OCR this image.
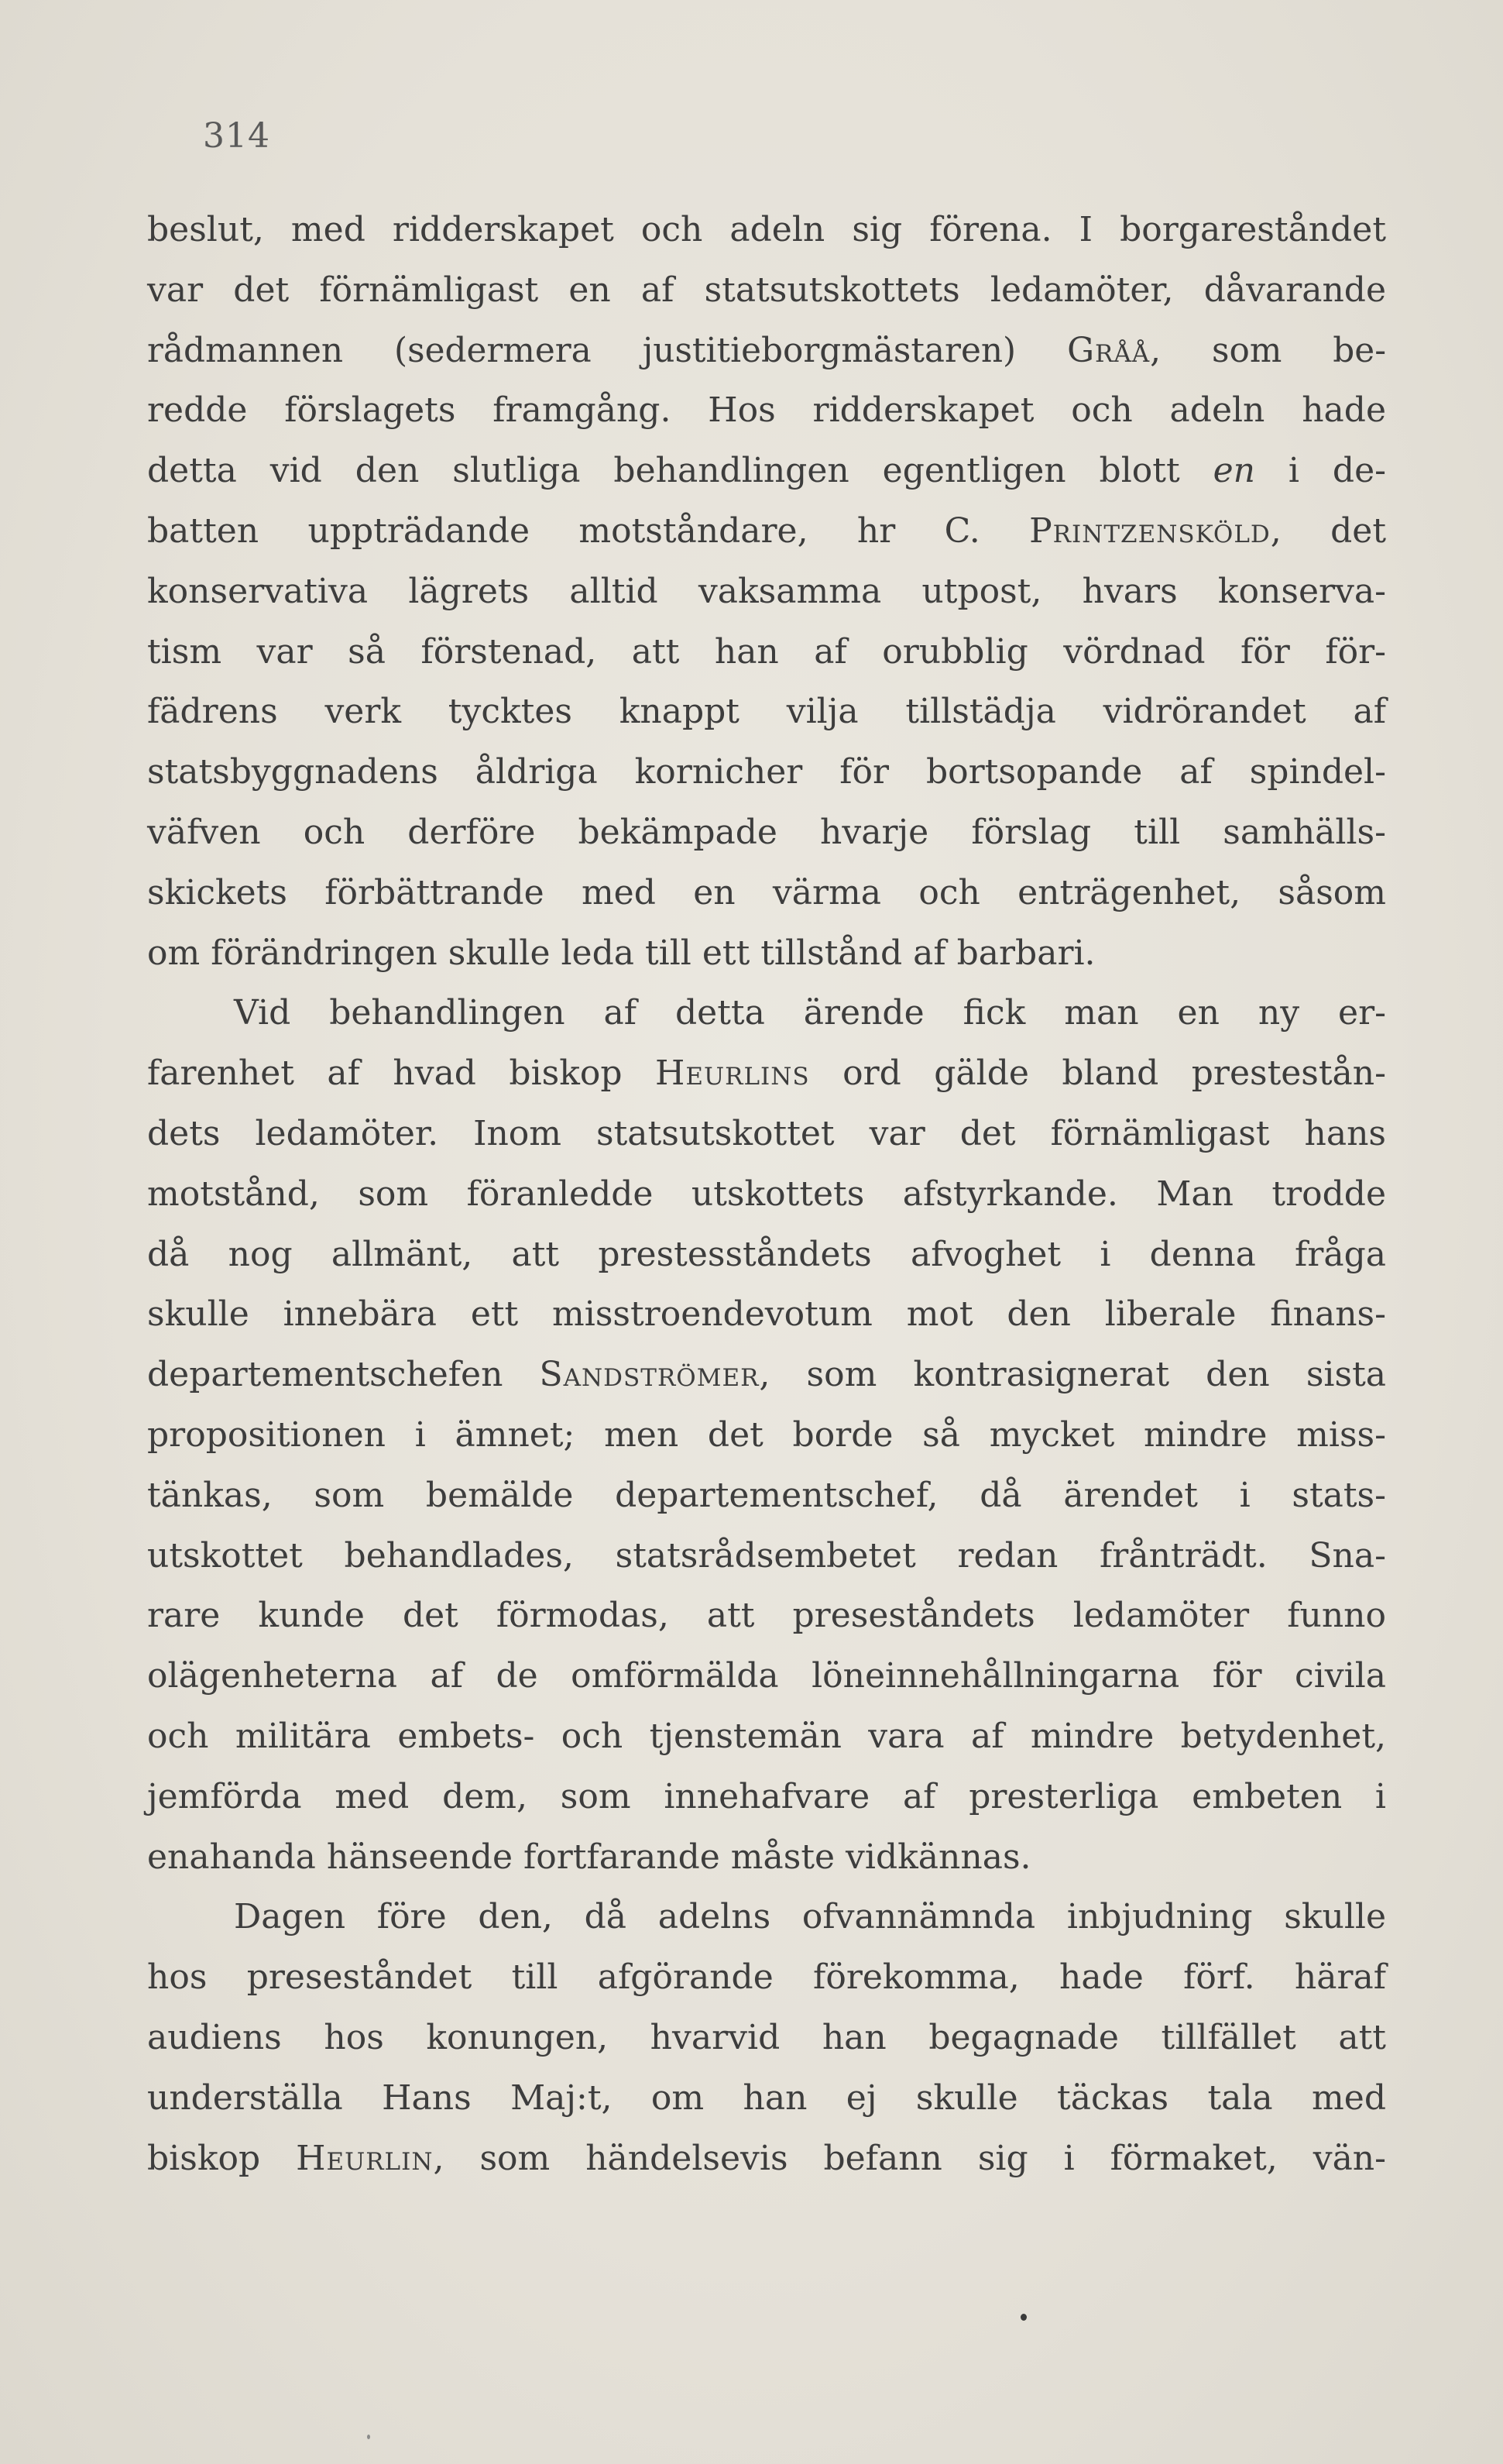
314
beslut, med ridderskapet och adeln sig förena. I borgareståndet
var det förnämligast en af statsutskottets ledamöter, dåvarande
rådmannen (sedermera justitieborgmästaren) Gråå, som be-
redde förslagets framgång. Hos ridderskapet och adeln hade
detta vid den slutliga behandlingen egentligen blott en i de-
batten uppträdande motståndare, hr C. Printzensköld, det
konservativa lägrets alltid vaksamma utpost, hvars konserva-
tism var så förstenad, att han af orubblig vördnad för för-
fädrens verk tycktes knappt vilja tillstädja vidrörandet af
statsbyggnadens åldriga kornicher för bortsopande af spindel-
väfven och derföre bekämpade hvarje förslag till samhälls-
skickets förbättrande med en värma och enträgenhet, såsom
om förändringen skulle leda till ett tillstånd af barbari.
Vid behandlingen af detta ärende fick man en ny er-
farenhet af hvad biskop Heurlins ord gälde bland prestestån-
dets ledamöter. Inom statsutskottet var det förnämligast hans
motstånd, som föranledde utskottets afstyrkande. Man trodde
då nog allmänt, att prestesståndets afvoghet i denna fråga
skulle innebära ett misstroendevotum mot den liberale finans-
departementschefen Sandströmer, som kontrasignerat den sista
propositionen i ämnet; men det borde så mycket mindre miss-
tänkas, som bemälde departementschef, då ärendet i stats-
utskottet behandlades, statsrådsembetet redan frånträdt. Sna-
rare kunde det förmodas, att preseståndets ledamöter funno
olägenheterna af de omförmälda löneinnehållningarna för civila
och militära embets- och tjenstemän vara af mindre betydenhet,
jemförda med dem, som innehafvare af presterliga embeten i
enahanda hänseende fortfarande måste vidkännas.
Dagen före den, då adelns ofvannämnda inbjudning skulle
hos preseståndet till afgörande förekomma, hade förf. häraf
audiens hos konungen, hvarvid han begagnade tillfället att
underställa Hans Maj:t, om han ej skulle täckas tala med
biskop Heurlin, som händelsevis befann sig i förmaket, vän-
